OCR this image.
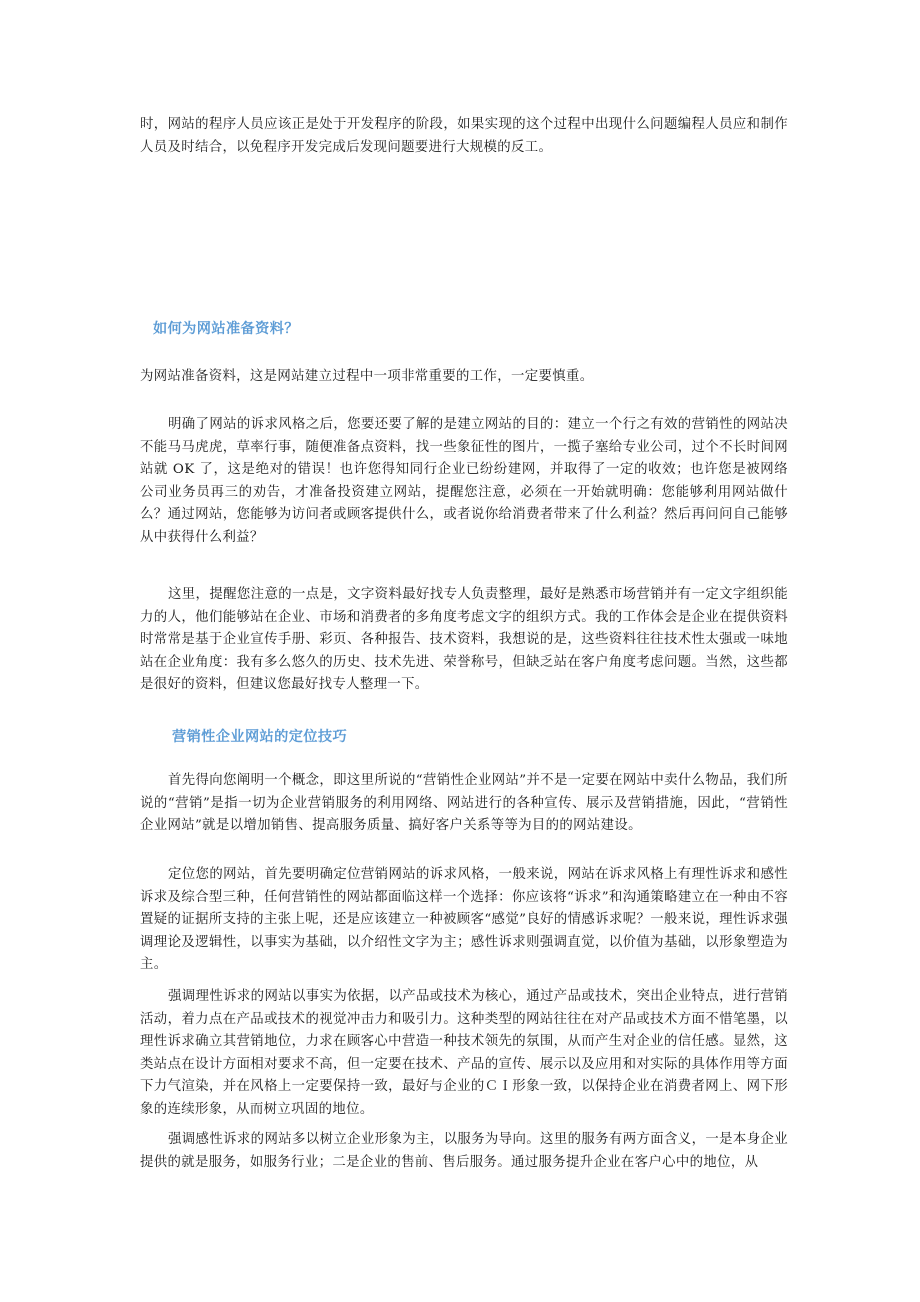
时，网站的程序人员应该正是处于开发程序的阶段，如果实现的这个过程中出现什么问题编程人员应和制作人员及时结合，以免程序开发完成后发现问题要进行大规模的反工。

如何为网站准备资料？

为网站准备资料，这是网站建立过程中一项非常重要的工作，一定要慎重。

明确了网站的诉求风格之后，您要还要了解的是建立网站的目的：建立一个行之有效的营销性的网站决不能马马虎虎，草率行事，随便准备点资料，找一些象征性的图片，一揽子塞给专业公司，过个不长时间网站就 OK 了，这是绝对的错误！也许您得知同行企业已纷纷建网，并取得了一定的收效；也许您是被网络公司业务员再三的劝告，才准备投资建立网站，提醒您注意，必须在一开始就明确：您能够利用网站做什么？通过网站，您能够为访问者或顾客提供什么，或者说你给消费者带来了什么利益？然后再问问自己能够从中获得什么利益？

这里，提醒您注意的一点是，文字资料最好找专人负责整理，最好是熟悉市场营销并有一定文字组织能力的人，他们能够站在企业、市场和消费者的多角度考虑文字的组织方式。我的工作体会是企业在提供资料时常常是基于企业宣传手册、彩页、各种报告、技术资料，我想说的是，这些资料往往技术性太强或一味地站在企业角度：我有多么悠久的历史、技术先进、荣誉称号，但缺乏站在客户角度考虑问题。当然，这些都是很好的资料，但建议您最好找专人整理一下。

营销性企业网站的定位技巧

首先得向您阐明一个概念，即这里所说的“营销性企业网站”并不是一定要在网站中卖什么物品，我们所说的“营销”是指一切为企业营销服务的利用网络、网站进行的各种宣传、展示及营销措施，因此，“营销性企业网站”就是以增加销售、提高服务质量、搞好客户关系等等为目的的网站建设。

定位您的网站，首先要明确定位营销网站的诉求风格，一般来说，网站在诉求风格上有理性诉求和感性诉求及综合型三种，任何营销性的网站都面临这样一个选择：你应该将“诉求”和沟通策略建立在一种由不容置疑的证据所支持的主张上呢，还是应该建立一种被顾客“感觉”良好的情感诉求呢？一般来说，理性诉求强调理论及逻辑性，以事实为基础，以介绍性文字为主；感性诉求则强调直觉，以价值为基础，以形象塑造为主。

强调理性诉求的网站以事实为依据，以产品或技术为核心，通过产品或技术，突出企业特点，进行营销活动，着力点在产品或技术的视觉冲击力和吸引力。这种类型的网站往往在对产品或技术方面不惜笔墨，以理性诉求确立其营销地位，力求在顾客心中营造一种技术领先的氛围，从而产生对企业的信任感。显然，这类站点在设计方面相对要求不高，但一定要在技术、产品的宣传、展示以及应用和对实际的具体作用等方面下力气渲染，并在风格上一定要保持一致，最好与企业的ＣＩ形象一致，以保持企业在消费者网上、网下形象的连续形象，从而树立巩固的地位。

强调感性诉求的网站多以树立企业形象为主，以服务为导向。这里的服务有两方面含义，一是本身企业提供的就是服务，如服务行业；二是企业的售前、售后服务。通过服务提升企业在客户心中的地位，从
